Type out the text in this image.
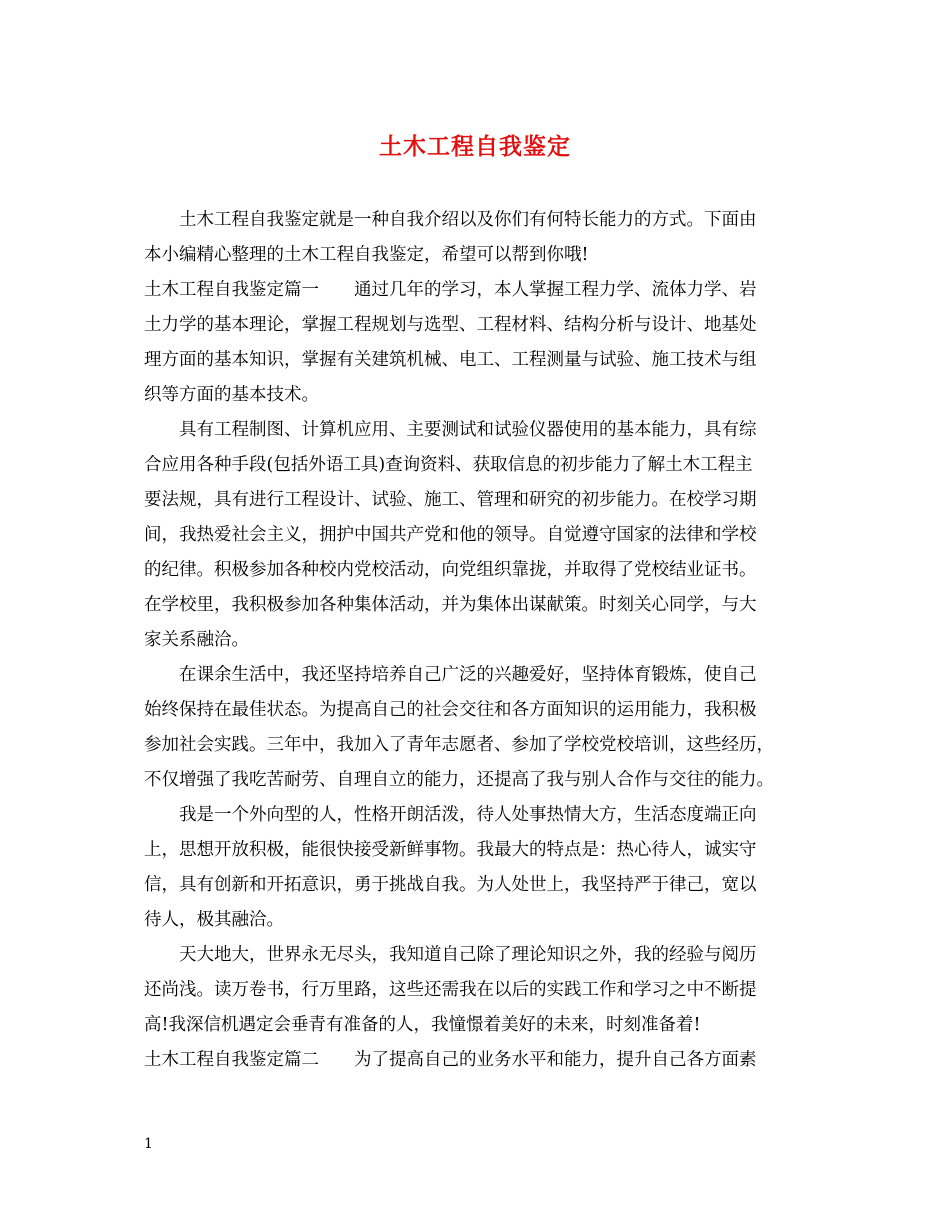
土木工程自我鉴定
土木工程自我鉴定就是一种自我介绍以及你们有何特长能力的方式。下面由
本小编精心整理的土木工程自我鉴定，希望可以帮到你哦!
土木工程自我鉴定篇一　　通过几年的学习，本人掌握工程力学、流体力学、岩
土力学的基本理论，掌握工程规划与选型、工程材料、结构分析与设计、地基处
理方面的基本知识，掌握有关建筑机械、电工、工程测量与试验、施工技术与组
织等方面的基本技术。
具有工程制图、计算机应用、主要测试和试验仪器使用的基本能力，具有综
合应用各种手段(包括外语工具)查询资料、获取信息的初步能力了解土木工程主
要法规，具有进行工程设计、试验、施工、管理和研究的初步能力。在校学习期
间，我热爱社会主义，拥护中国共产党和他的领导。自觉遵守国家的法律和学校
的纪律。积极参加各种校内党校活动，向党组织靠拢，并取得了党校结业证书。
在学校里，我积极参加各种集体活动，并为集体出谋献策。时刻关心同学，与大
家关系融洽。
在课余生活中，我还坚持培养自己广泛的兴趣爱好，坚持体育锻炼，使自己
始终保持在最佳状态。为提高自己的社会交往和各方面知识的运用能力，我积极
参加社会实践。三年中，我加入了青年志愿者、参加了学校党校培训，这些经历，
不仅增强了我吃苦耐劳、自理自立的能力，还提高了我与别人合作与交往的能力。
我是一个外向型的人，性格开朗活泼，待人处事热情大方，生活态度端正向
上，思想开放积极，能很快接受新鲜事物。我最大的特点是：热心待人，诚实守
信，具有创新和开拓意识，勇于挑战自我。为人处世上，我坚持严于律己，宽以
待人，极其融洽。
天大地大，世界永无尽头，我知道自己除了理论知识之外，我的经验与阅历
还尚浅。读万卷书，行万里路，这些还需我在以后的实践工作和学习之中不断提
高!我深信机遇定会垂青有准备的人，我憧憬着美好的未来，时刻准备着!
土木工程自我鉴定篇二　　为了提高自己的业务水平和能力，提升自己各方面素
1
